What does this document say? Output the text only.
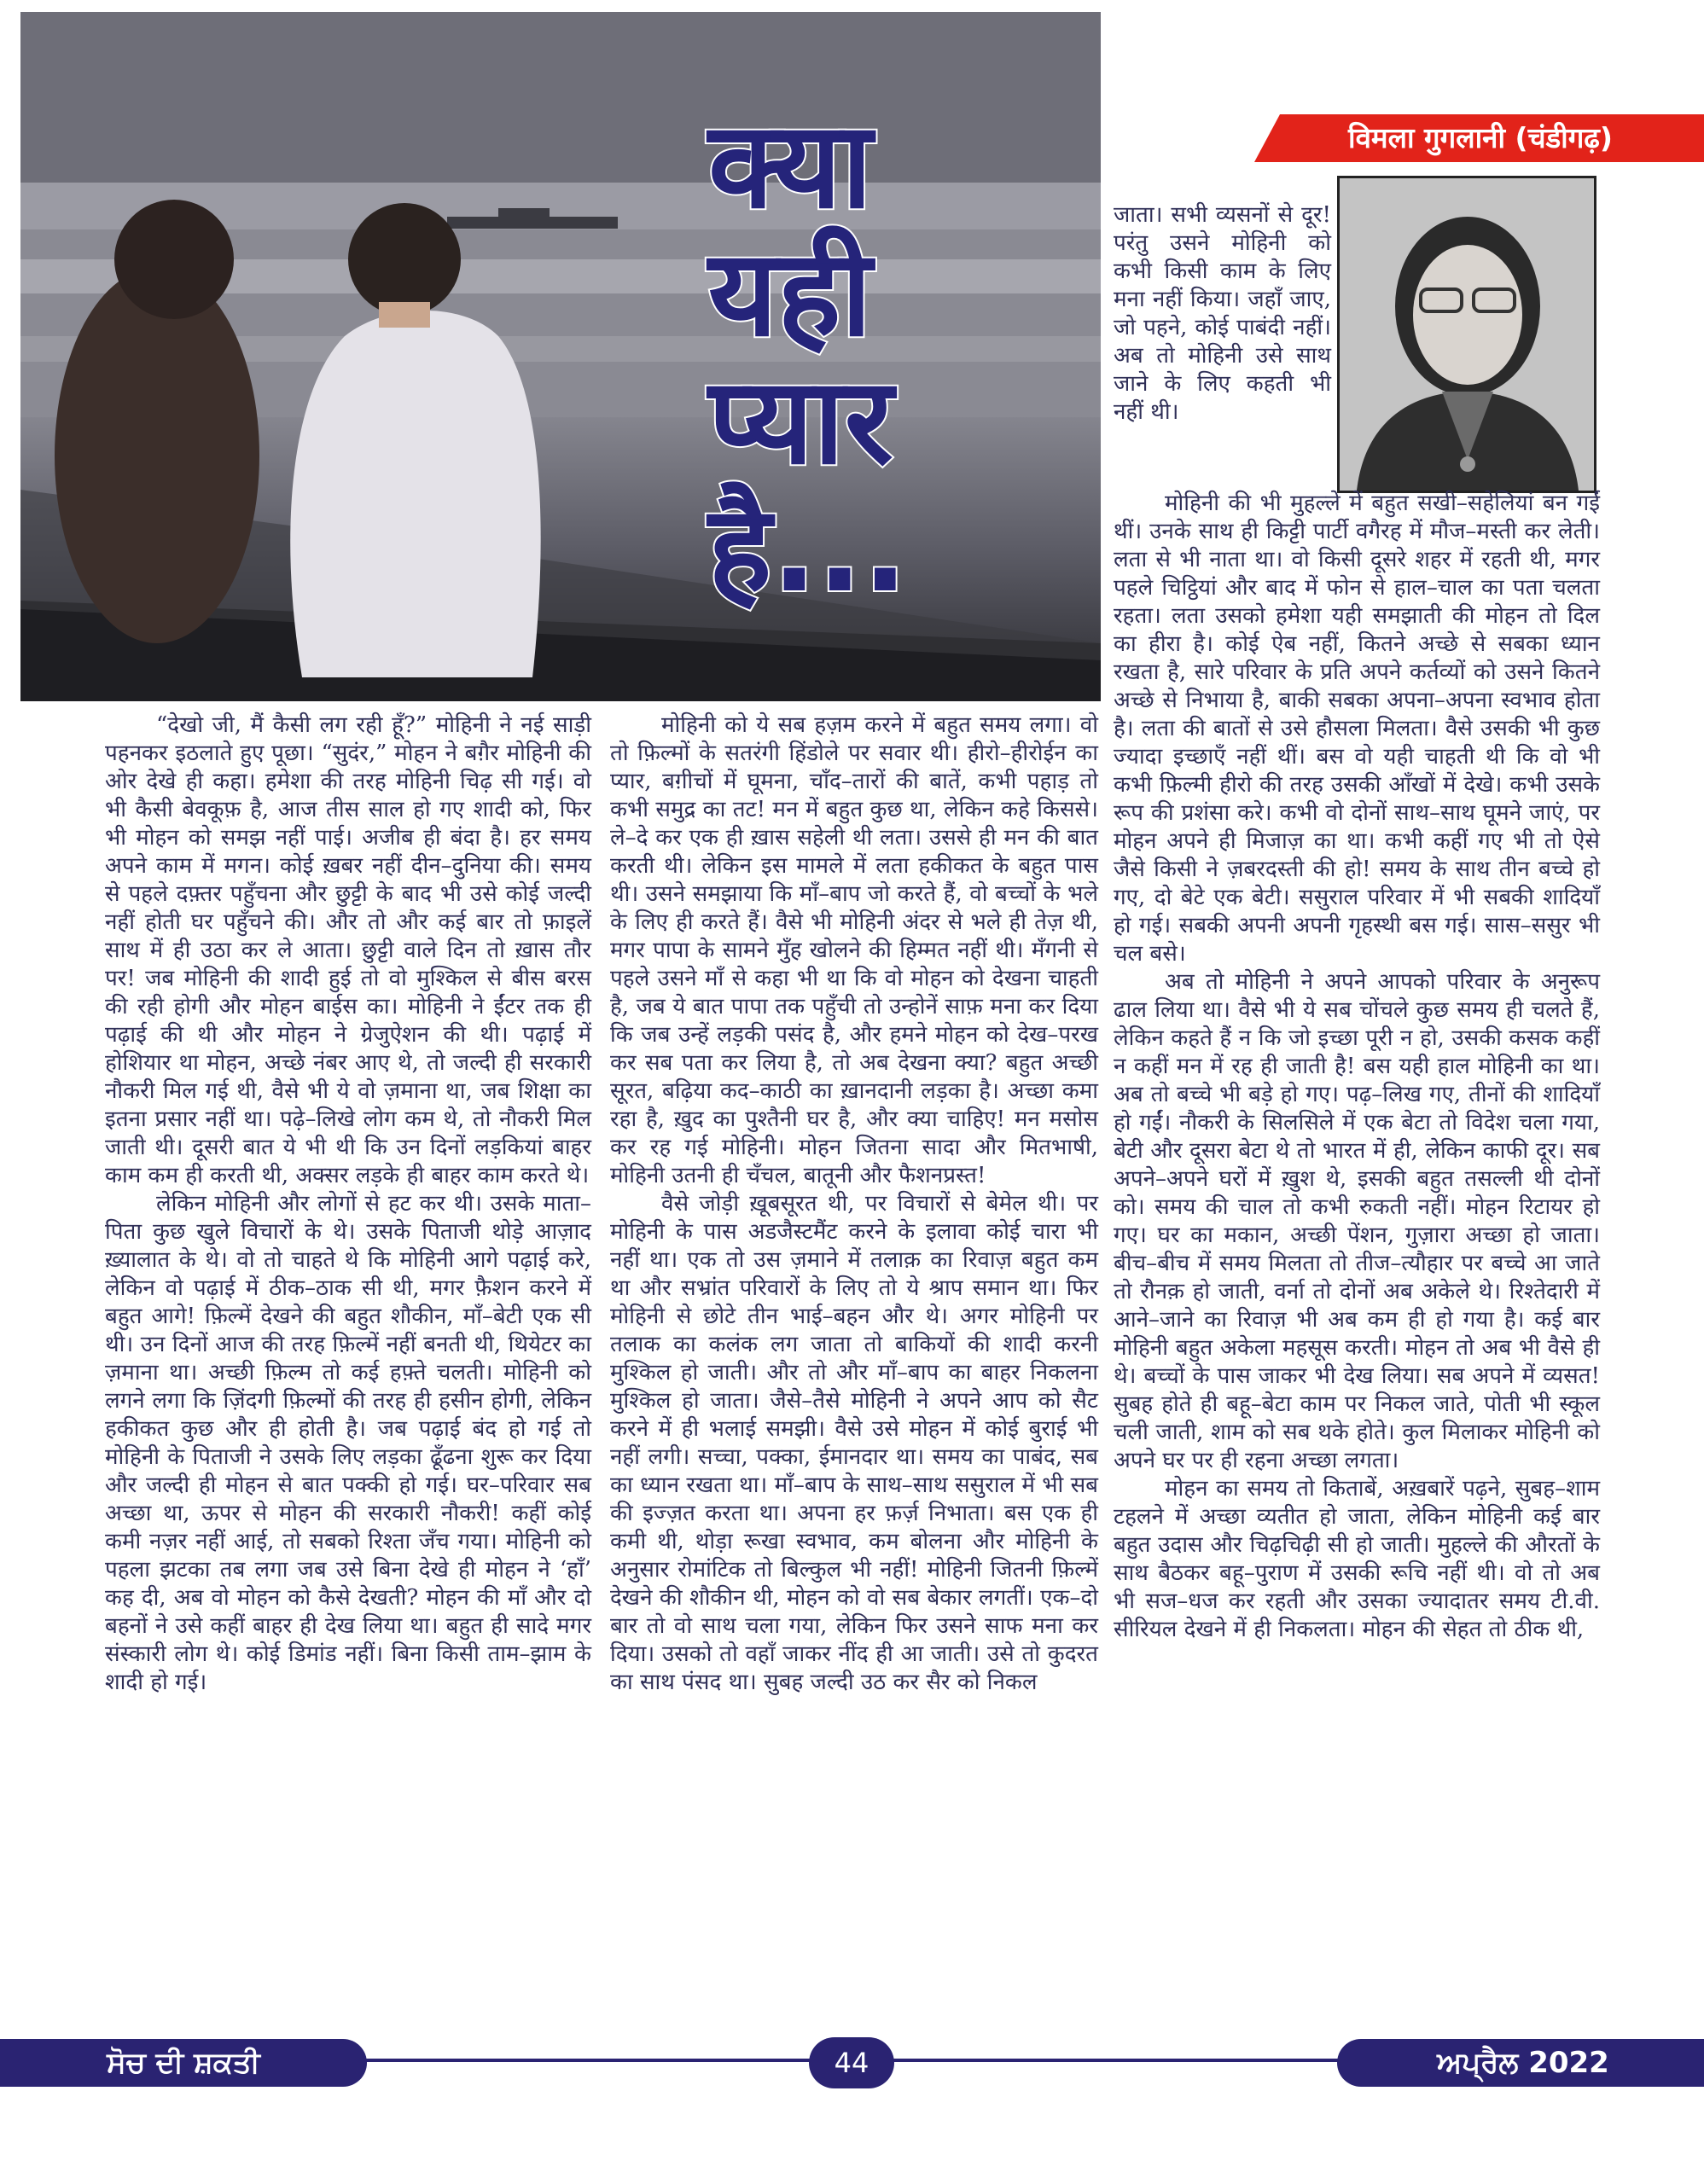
क्या
यही
प्यार
है...
विमला गुगलानी (चंडीगढ़)

“देखो जी, मैं कैसी लग रही हूँ?” मोहिनी ने नई साड़ी पहनकर इठलाते हुए पूछा। “सुदंर,” मोहन ने बग़ैर मोहिनी की ओर देखे ही कहा। हमेशा की तरह मोहिनी चिढ़ सी गई। वो भी कैसी बेवकूफ़ है, आज तीस साल हो गए शादी को, फिर भी मोहन को समझ नहीं पाई। अजीब ही बंदा है। हर समय अपने काम में मगन। कोई ख़बर नहीं दीन–दुनिया की। समय से पहले दफ़्तर पहुँचना और छुट्टी के बाद भी उसे कोई जल्दी नहीं होती घर पहुँचने की। और तो और कई बार तो फ़ाइलें साथ में ही उठा कर ले आता। छुट्टी वाले दिन तो ख़ास तौर पर! जब मोहिनी की शादी हुई तो वो मुश्किल से बीस बरस की रही होगी और मोहन बाईस का। मोहिनी ने ईंटर तक ही पढ़ाई की थी और मोहन ने ग्रेजुऐशन की थी। पढ़ाई में होशियार था मोहन, अच्छे नंबर आए थे, तो जल्दी ही सरकारी नौकरी मिल गई थी, वैसे भी ये वो ज़माना था, जब शिक्षा का इतना प्रसार नहीं था। पढ़े–लिखे लोग कम थे, तो नौकरी मिल जाती थी। दूसरी बात ये भी थी कि उन दिनों लड़कियां बाहर काम कम ही करती थी, अक्सर लड़के ही बाहर काम करते थे।

लेकिन मोहिनी और लोगों से हट कर थी। उसके माता–पिता कुछ खुले विचारों के थे। उसके पिताजी थोड़े आज़ाद ख़्यालात के थे। वो तो चाहते थे कि मोहिनी आगे पढ़ाई करे, लेकिन वो पढ़ाई में ठीक–ठाक सी थी, मगर फ़ैशन करने में बहुत आगे! फ़िल्में देखने की बहुत शौकीन, माँ–बेटी एक सी थी। उन दिनों आज की तरह फ़िल्में नहीं बनती थी, थियेटर का ज़माना था। अच्छी फ़िल्म तो कई हफ़्ते चलती। मोहिनी को लगने लगा कि ज़िंदगी फ़िल्मों की तरह ही हसीन होगी, लेकिन हकीकत कुछ और ही होती है। जब पढ़ाई बंद हो गई तो मोहिनी के पिताजी ने उसके लिए लड़का ढूँढना शुरू कर दिया और जल्दी ही मोहन से बात पक्की हो गई। घर–परिवार सब अच्छा था, ऊपर से मोहन की सरकारी नौकरी! कहीं कोई कमी नज़र नहीं आई, तो सबको रिश्ता जँच गया। मोहिनी को पहला झटका तब लगा जब उसे बिना देखे ही मोहन ने ‘हाँ’ कह दी, अब वो मोहन को कैसे देखती? मोहन की माँ और दो बहनों ने उसे कहीं बाहर ही देख लिया था। बहुत ही सादे मगर संस्कारी लोग थे। कोई डिमांड नहीं। बिना किसी ताम–झाम के शादी हो गई।

मोहिनी को ये सब हज़म करने में बहुत समय लगा। वो तो फ़िल्मों के सतरंगी हिंडोले पर सवार थी। हीरो–हीरोईन का प्यार, बग़ीचों में घूमना, चाँद–तारों की बातें, कभी पहाड़ तो कभी समुद्र का तट! मन में बहुत कुछ था, लेकिन कहे किससे। ले–दे कर एक ही ख़ास सहेली थी लता। उससे ही मन की बात करती थी। लेकिन इस मामले में लता हकीकत के बहुत पास थी। उसने समझाया कि माँ–बाप जो करते हैं, वो बच्चों के भले के लिए ही करते हैं। वैसे भी मोहिनी अंदर से भले ही तेज़ थी, मगर पापा के सामने मुँह खोलने की हिम्मत नहीं थी। मँगनी से पहले उसने माँ से कहा भी था कि वो मोहन को देखना चाहती है, जब ये बात पापा तक पहुँची तो उन्होनें साफ़ मना कर दिया कि जब उन्हें लड़की पसंद है, और हमने मोहन को देख–परख कर सब पता कर लिया है, तो अब देखना क्या? बहुत अच्छी सूरत, बढ़िया कद–काठी का ख़ानदानी लड़का है। अच्छा कमा रहा है, ख़ुद का पुश्तैनी घर है, और क्या चाहिए! मन मसोस कर रह गई मोहिनी। मोहन जितना सादा और मितभाषी, मोहिनी उतनी ही चँचल, बातूनी और फैशनप्रस्त!

वैसे जोड़ी ख़ूबसूरत थी, पर विचारों से बेमेल थी। पर मोहिनी के पास अडजैस्टमैंट करने के इलावा कोई चारा भी नहीं था। एक तो उस ज़माने में तलाक़ का रिवाज़ बहुत कम था और सभ्रांत परिवारों के लिए तो ये श्राप समान था। फिर मोहिनी से छोटे तीन भाई–बहन और थे। अगर मोहिनी पर तलाक का कलंक लग जाता तो बाकियों की शादी करनी मुश्किल हो जाती। और तो और माँ–बाप का बाहर निकलना मुश्किल हो जाता। जैसे–तैसे मोहिनी ने अपने आप को सैट करने में ही भलाई समझी। वैसे उसे मोहन में कोई बुराई भी नहीं लगी। सच्चा, पक्का, ईमानदार था। समय का पाबंद, सब का ध्यान रखता था। माँ–बाप के साथ–साथ ससुराल में भी सब की इज्ज़त करता था। अपना हर फ़र्ज़ निभाता। बस एक ही कमी थी, थोड़ा रूखा स्वभाव, कम बोलना और मोहिनी के अनुसार रोमांटिक तो बिल्कुल भी नहीं! मोहिनी जितनी फ़िल्में देखने की शौकीन थी, मोहन को वो सब बेकार लगतीं। एक–दो बार तो वो साथ चला गया, लेकिन फिर उसने साफ मना कर दिया। उसको तो वहाँ जाकर नींद ही आ जाती। उसे तो कुदरत का साथ पंसद था। सुबह जल्दी उठ कर सैर को निकल

जाता। सभी व्यसनों से दूर! परंतु उसने मोहिनी को कभी किसी काम के लिए मना नहीं किया। जहाँ जाए, जो पहने, कोई पाबंदी नहीं। अब तो मोहिनी उसे साथ जाने के लिए कहती भी नहीं थी।

मोहिनी की भी मुहल्ले में बहुत सखी–सहेलियां बन गईं थीं। उनके साथ ही किट्टी पार्टी वगैरह में मौज–मस्ती कर लेती। लता से भी नाता था। वो किसी दूसरे शहर में रहती थी, मगर पहले चिट्ठियां और बाद में फोन से हाल–चाल का पता चलता रहता। लता उसको हमेशा यही समझाती की मोहन तो दिल का हीरा है। कोई ऐब नहीं, कितने अच्छे से सबका ध्यान रखता है, सारे परिवार के प्रति अपने कर्तव्यों को उसने कितने अच्छे से निभाया है, बाकी सबका अपना–अपना स्वभाव होता है। लता की बातों से उसे हौसला मिलता। वैसे उसकी भी कुछ ज्यादा इच्छाएँ नहीं थीं। बस वो यही चाहती थी कि वो भी कभी फ़िल्मी हीरो की तरह उसकी आँखों में देखे। कभी उसके रूप की प्रशंसा करे। कभी वो दोनों साथ–साथ घूमने जाएं, पर मोहन अपने ही मिजाज़ का था। कभी कहीं गए भी तो ऐसे जैसे किसी ने ज़बरदस्ती की हो! समय के साथ तीन बच्चे हो गए, दो बेटे एक बेटी। ससुराल परिवार में भी सबकी शादियाँ हो गई। सबकी अपनी अपनी गृहस्थी बस गई। सास–ससुर भी चल बसे।

अब तो मोहिनी ने अपने आपको परिवार के अनुरूप ढाल लिया था। वैसे भी ये सब चोंचले कुछ समय ही चलते हैं, लेकिन कहते हैं न कि जो इच्छा पूरी न हो, उसकी कसक कहीं न कहीं मन में रह ही जाती है! बस यही हाल मोहिनी का था। अब तो बच्चे भी बड़े हो गए। पढ़–लिख गए, तीनों की शादियाँ हो गईं। नौकरी के सिलसिले में एक बेटा तो विदेश चला गया, बेटी और दूसरा बेटा थे तो भारत में ही, लेकिन काफी दूर। सब अपने–अपने घरों में ख़ुश थे, इसकी बहुत तसल्ली थी दोनों को। समय की चाल तो कभी रुकती नहीं। मोहन रिटायर हो गए। घर का मकान, अच्छी पेंशन, गुज़ारा अच्छा हो जाता। बीच–बीच में समय मिलता तो तीज–त्यौहार पर बच्चे आ जाते तो रौनक़ हो जाती, वर्ना तो दोनों अब अकेले थे। रिश्तेदारी में आने–जाने का रिवाज़ भी अब कम ही हो गया है। कई बार मोहिनी बहुत अकेला महसूस करती। मोहन तो अब भी वैसे ही थे। बच्चों के पास जाकर भी देख लिया। सब अपने में व्यसत! सुबह होते ही बहू–बेटा काम पर निकल जाते, पोती भी स्कूल चली जाती, शाम को सब थके होते। कुल मिलाकर मोहिनी को अपने घर पर ही रहना अच्छा लगता।

मोहन का समय तो किताबें, अख़बारें पढ़ने, सुबह–शाम टहलने में अच्छा व्यतीत हो जाता, लेकिन मोहिनी कई बार बहुत उदास और चिढ़चिढ़ी सी हो जाती। मुहल्ले की औरतों के साथ बैठकर बहू–पुराण में उसकी रूचि नहीं थी। वो तो अब भी सज–धज कर रहती और उसका ज्यादातर समय टी.वी. सीरियल देखने में ही निकलता। मोहन की सेहत तो ठीक थी,

ਸੋਚ ਦੀ ਸ਼ਕਤੀ	44	ਅਪ੍ਰੈਲ 2022
